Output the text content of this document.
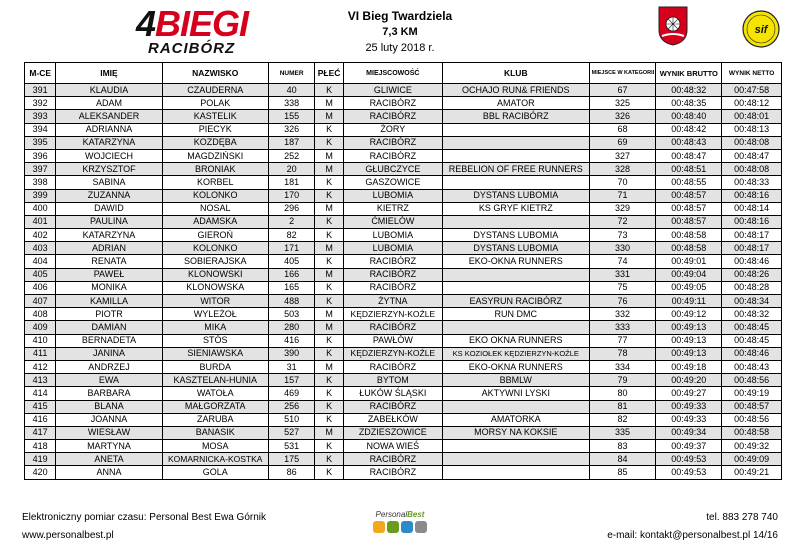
4BIEGI
RACIBÓRZ
VI Bieg Twardziela
7,3 KM
25 luty 2018 r.
sif
M-CE	IMIĘ	NAZWISKO	NUMER	PŁEĆ	MIEJSCOWOŚĆ	KLUB	MIEJSCE W KATEGORII	WYNIK BRUTTO	WYNIK NETTO
391	KLAUDIA	CZAUDERNA	40	K	GLIWICE	OCHAJO RUN& FRIENDS	67	00:48:32	00:47:58
392	ADAM	POLAK	338	M	RACIBÓRZ	AMATOR	325	00:48:35	00:48:12
393	ALEKSANDER	KASTELIK	155	M	RACIBÓRZ	BBL RACIBÓRZ	326	00:48:40	00:48:01
394	ADRIANNA	PIECYK	326	K	ŻORY		68	00:48:42	00:48:13
395	KATARZYNA	KOZDĘBA	187	K	RACIBÓRZ		69	00:48:43	00:48:08
396	WOJCIECH	MAGDZIŃSKI	252	M	RACIBÓRZ		327	00:48:47	00:48:47
397	KRZYSZTOF	BRONIAK	20	M	GŁUBCZYCE	REBELION OF FREE RUNNERS	328	00:48:51	00:48:08
398	SABINA	KORBEL	181	K	GASZOWICE		70	00:48:55	00:48:33
399	ZUZANNA	KOLONKO	170	K	LUBOMIA	DYSTANS LUBOMIA	71	00:48:57	00:48:16
400	DAWID	NOSAL	296	M	KIETRZ	KS GRYF KIETRZ	329	00:48:57	00:48:14
401	PAULINA	ADAMSKA	2	K	ĆMIELÓW		72	00:48:57	00:48:16
402	KATARZYNA	GIEROŃ	82	K	LUBOMIA	DYSTANS LUBOMIA	73	00:48:58	00:48:17
403	ADRIAN	KOLONKO	171	M	LUBOMIA	DYSTANS LUBOMIA	330	00:48:58	00:48:17
404	RENATA	SOBIERAJSKA	405	K	RACIBÓRZ	EKO-OKNA RUNNERS	74	00:49:01	00:48:46
405	PAWEŁ	KLONOWSKI	166	M	RACIBÓRZ		331	00:49:04	00:48:26
406	MONIKA	KLONOWSKA	165	K	RACIBÓRZ		75	00:49:05	00:48:28
407	KAMILLA	WITOR	488	K	ŻYTNA	EASYRUN RACIBÓRZ	76	00:49:11	00:48:34
408	PIOTR	WYLEŻOŁ	503	M	KĘDZIERZYN-KOŹLE	RUN DMC	332	00:49:12	00:48:32
409	DAMIAN	MIKA	280	M	RACIBÓRZ		333	00:49:13	00:48:45
410	BERNADETA	STÓS	416	K	PAWŁÓW	EKO OKNA RUNNERS	77	00:49:13	00:48:45
411	JANINA	SIENIAWSKA	390	K	KĘDZIERZYN-KOŹLE	KS KOZIOŁEK KĘDZIERZYN-KOŹLE	78	00:49:13	00:48:46
412	ANDRZEJ	BURDA	31	M	RACIBÓRZ	EKO-OKNA RUNNERS	334	00:49:18	00:48:43
413	EWA	KASZTELAN-HUNIA	157	K	BYTOM	BBMLW	79	00:49:20	00:48:56
414	BARBARA	WATOŁA	469	K	ŁUKÓW ŚLĄSKI	AKTYWNI LYSKI	80	00:49:27	00:49:19
415	BLANA	MAŁGORZATA	256	K	RACIBÓRZ		81	00:49:33	00:48:57
416	JOANNA	ZARUBA	510	K	ZABEŁKÓW	AMATORKA	82	00:49:33	00:48:56
417	WIESŁAW	BANASIK	527	M	ZDZIESZOWICE	MORSY NA KOKSIE	335	00:49:34	00:48:58
418	MARTYNA	MOSA	531	K	NOWA WIEŚ		83	00:49:37	00:49:32
419	ANETA	KOMARNICKA-KOSTKA	175	K	RACIBÓRZ		84	00:49:53	00:49:09
420	ANNA	GOLA	86	K	RACIBÓRZ		85	00:49:53	00:49:21
Elektroniczny pomiar czasu: Personal Best Ewa Górnik
www.personalbest.pl
PersonalBest	tel. 883 278 740
e-mail: kontakt@personalbest.pl 14/16
